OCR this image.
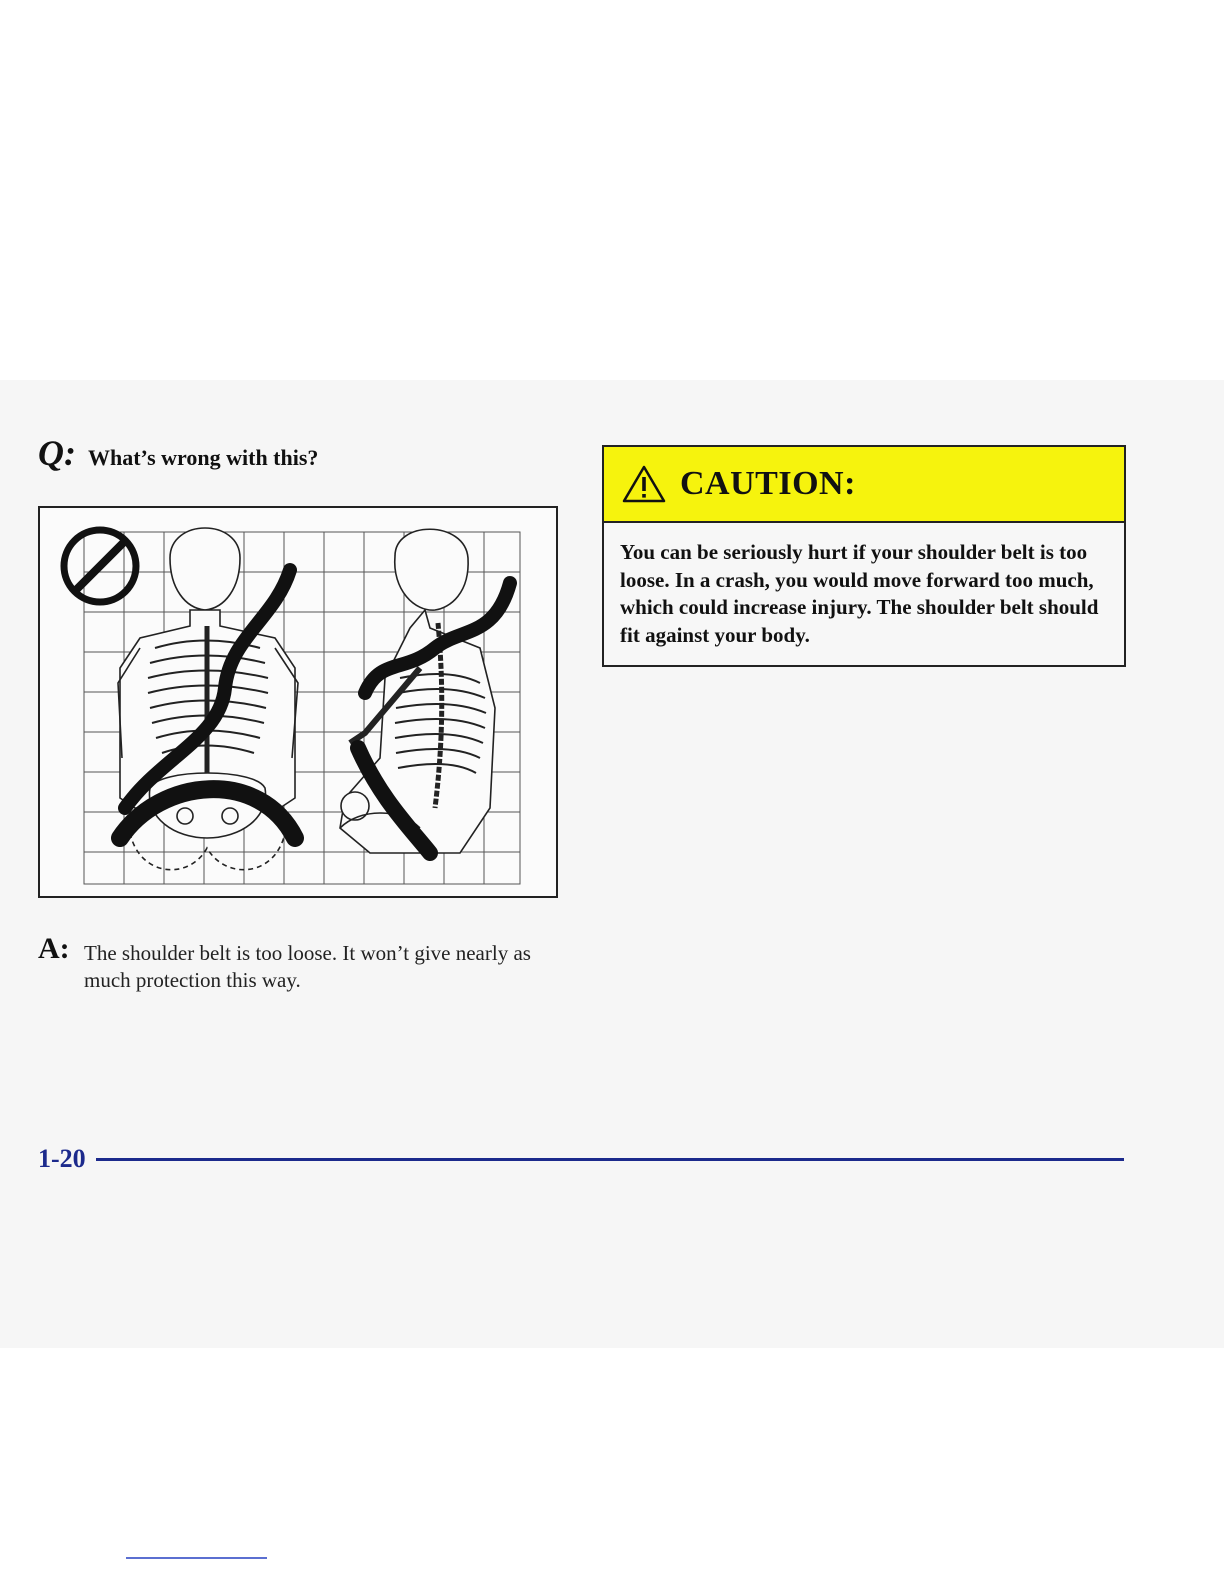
Q: What’s wrong with this?
A: The shoulder belt is too loose. It won’t give nearly as much protection this way.
CAUTION:
You can be seriously hurt if your shoulder belt is too loose. In a crash, you would move forward too much, which could increase injury. The shoulder belt should fit against your body.
1-20
